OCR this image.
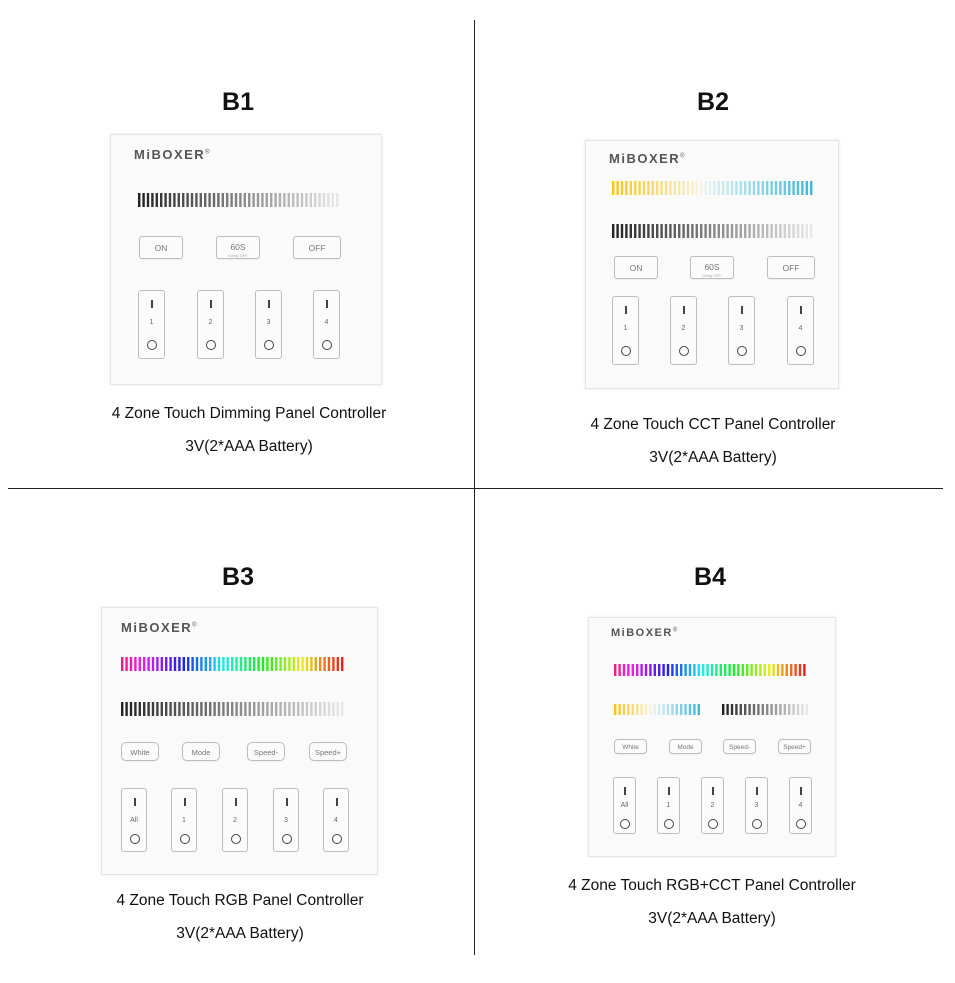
B1
MiBOXER®
ON	60S
Delay OFF
OFF
1	2	3	4
4 Zone Touch Dimming Panel Controller
3V(2*AAA Battery)
B2
MiBOXER®
ON	60S
Delay OFF
OFF
1	2	3	4
4 Zone Touch CCT Panel Controller
3V(2*AAA Battery)
B3
MiBOXER®
White	Mode	Speed-	Speed+
All	1	2	3	4
4 Zone Touch RGB Panel Controller
3V(2*AAA Battery)
B4
MiBOXER®
White	Mode	Speed-	Speed+
All	1	2	3	4
4 Zone Touch RGB+CCT Panel Controller
3V(2*AAA Battery)
